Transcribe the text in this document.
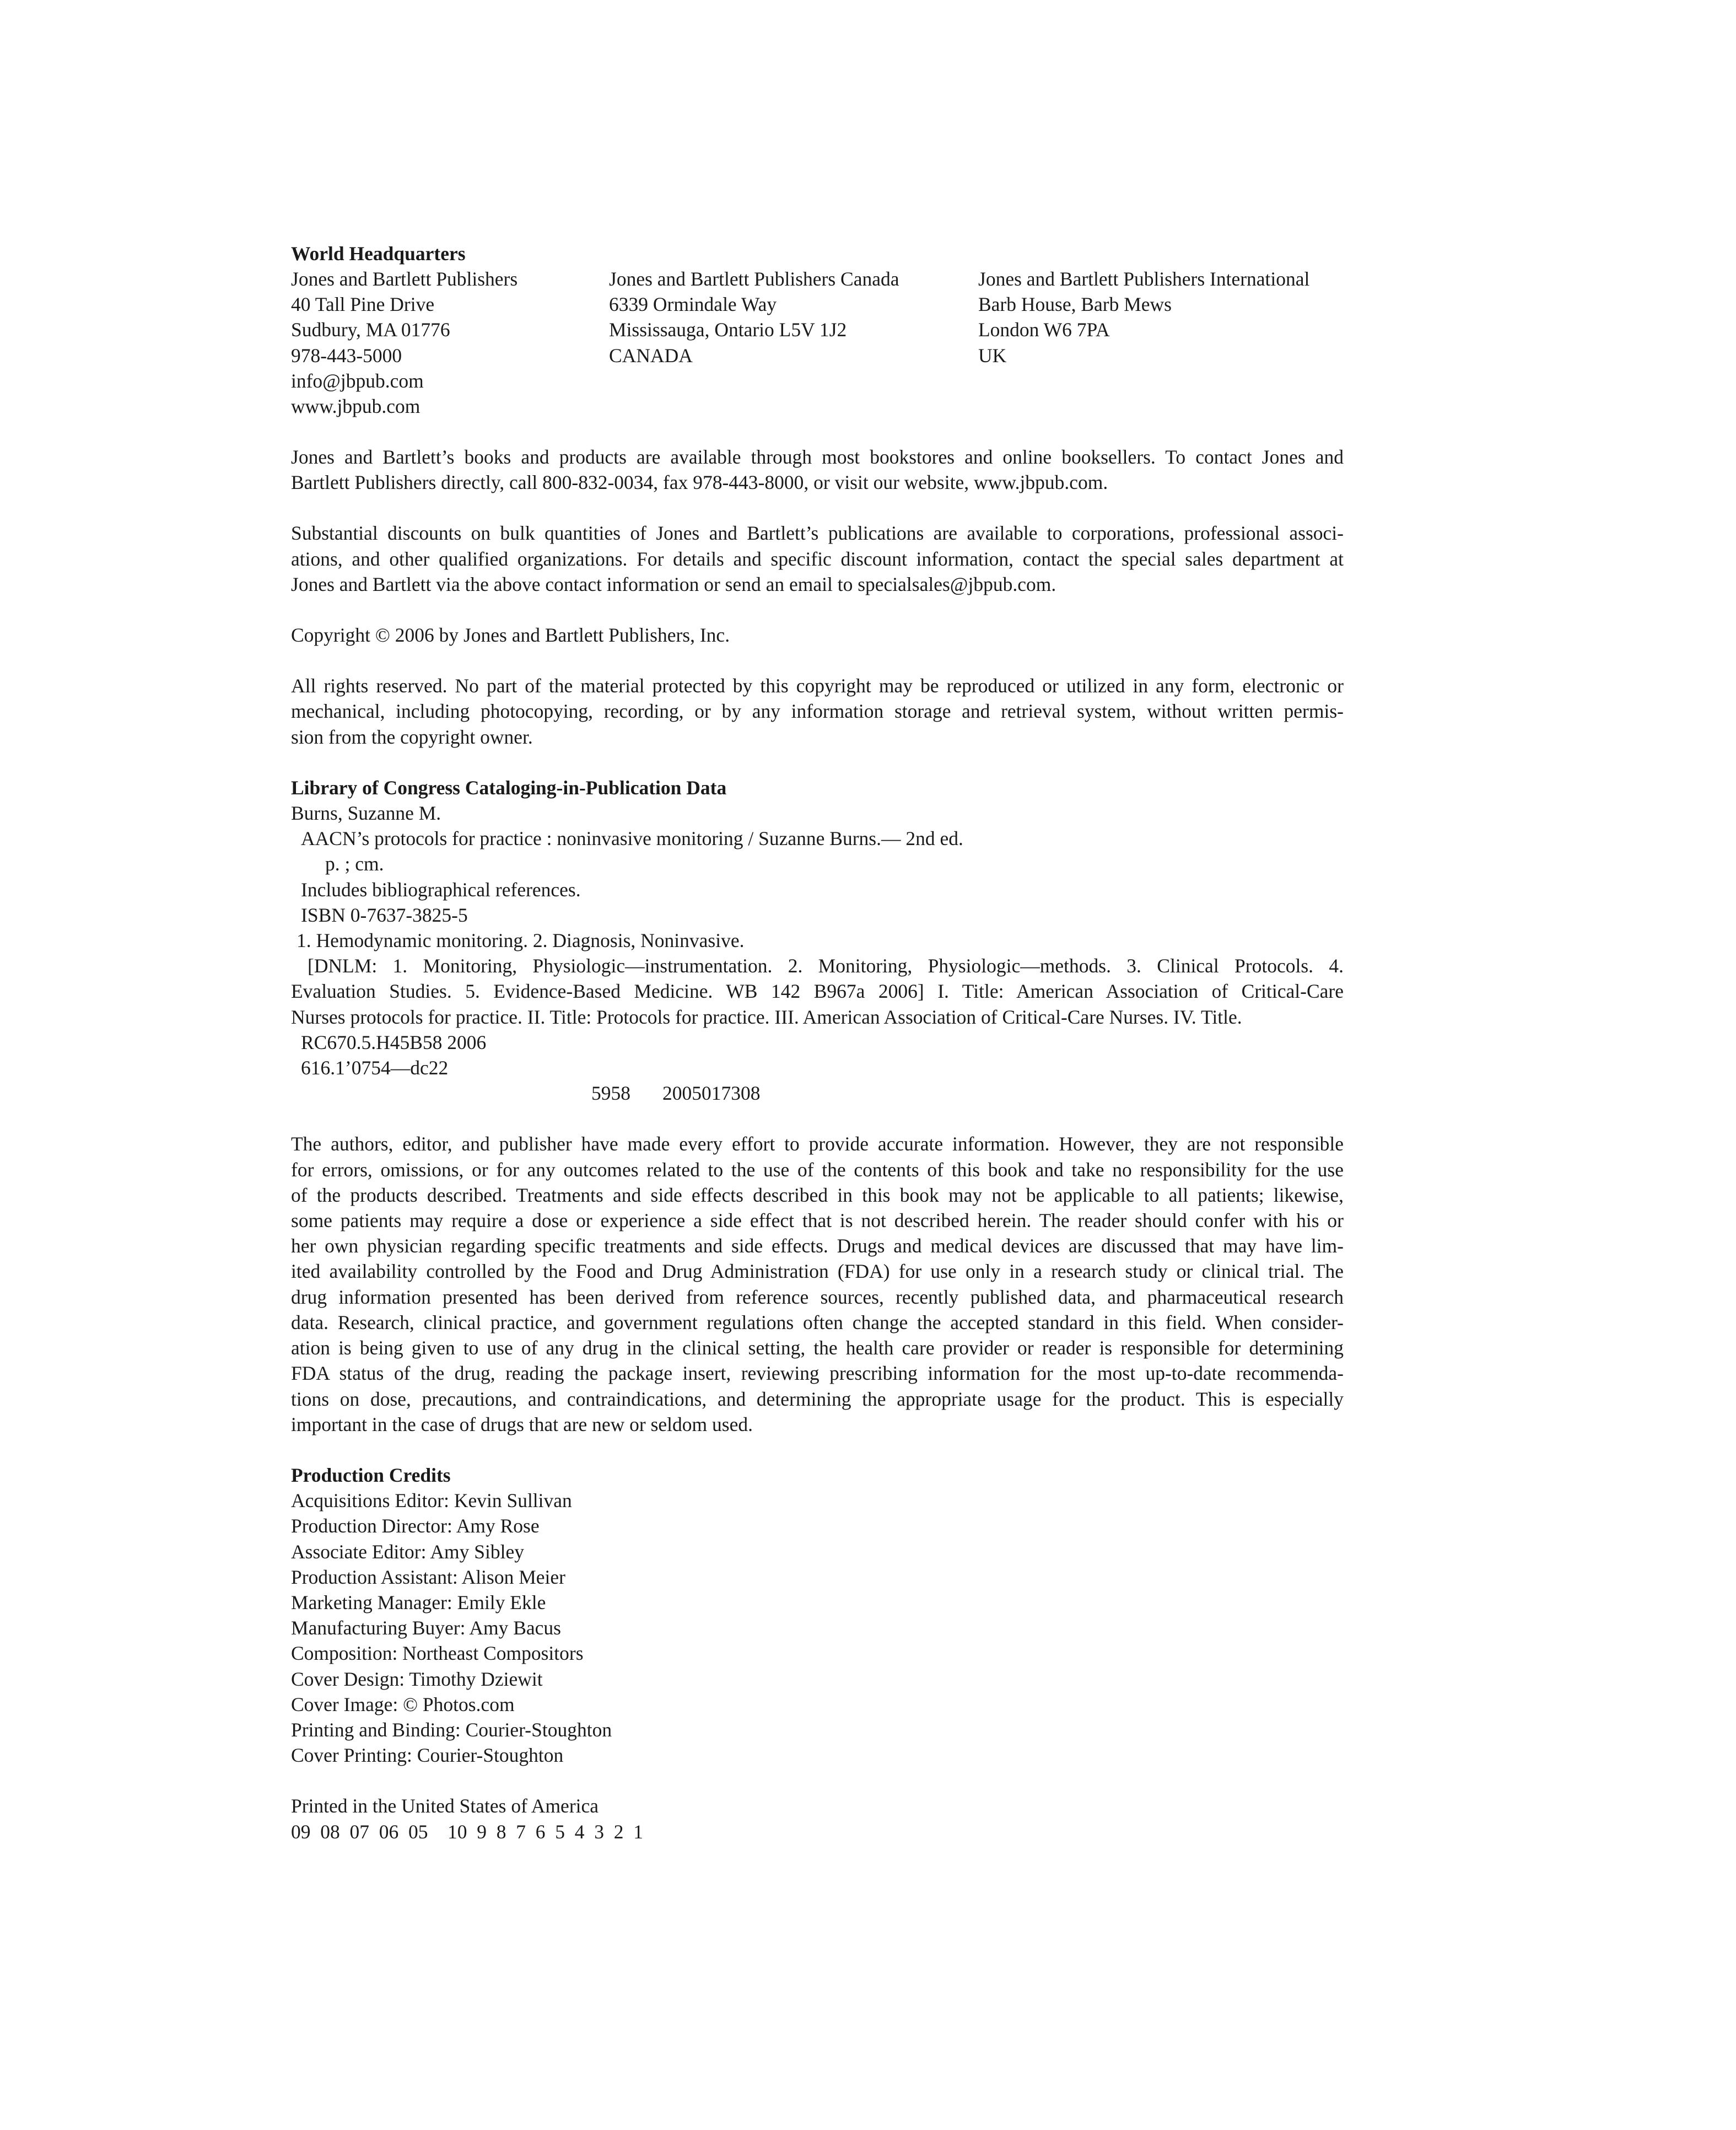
World Headquarters
Jones and Bartlett Publishers
40 Tall Pine Drive
Sudbury, MA 01776
978-443-5000
info@jbpub.com
www.jbpub.com
Jones and Bartlett Publishers Canada
6339 Ormindale Way
Mississauga, Ontario L5V 1J2
CANADA
Jones and Bartlett Publishers International
Barb House, Barb Mews
London W6 7PA
UK
Jones and Bartlett’s books and products are available through most bookstores and online booksellers. To contact Jones and
Bartlett Publishers directly, call 800-832-0034, fax 978-443-8000, or visit our website, www.jbpub.com.
Substantial discounts on bulk quantities of Jones and Bartlett’s publications are available to corporations, professional associ-
ations, and other qualified organizations. For details and specific discount information, contact the special sales department at
Jones and Bartlett via the above contact information or send an email to specialsales@jbpub.com.
Copyright © 2006 by Jones and Bartlett Publishers, Inc.
All rights reserved. No part of the material protected by this copyright may be reproduced or utilized in any form, electronic or
mechanical, including photocopying, recording, or by any information storage and retrieval system, without written permis-
sion from the copyright owner.
Library of Congress Cataloging-in-Publication Data
Burns, Suzanne M.
AACN’s protocols for practice : noninvasive monitoring / Suzanne Burns.— 2nd ed.
p. ; cm.
Includes bibliographical references.
ISBN 0-7637-3825-5
1. Hemodynamic monitoring. 2. Diagnosis, Noninvasive.
[DNLM: 1. Monitoring, Physiologic—instrumentation. 2. Monitoring, Physiologic—methods. 3. Clinical Protocols. 4.
Evaluation Studies. 5. Evidence-Based Medicine. WB 142 B967a 2006] I. Title: American Association of Critical-Care
Nurses protocols for practice. II. Title: Protocols for practice. III. American Association of Critical-Care Nurses. IV. Title.
RC670.5.H45B58 2006
616.1’0754—dc22
5958 2005017308
The authors, editor, and publisher have made every effort to provide accurate information. However, they are not responsible
for errors, omissions, or for any outcomes related to the use of the contents of this book and take no responsibility for the use
of the products described. Treatments and side effects described in this book may not be applicable to all patients; likewise,
some patients may require a dose or experience a side effect that is not described herein. The reader should confer with his or
her own physician regarding specific treatments and side effects. Drugs and medical devices are discussed that may have lim-
ited availability controlled by the Food and Drug Administration (FDA) for use only in a research study or clinical trial. The
drug information presented has been derived from reference sources, recently published data, and pharmaceutical research
data. Research, clinical practice, and government regulations often change the accepted standard in this field. When consider-
ation is being given to use of any drug in the clinical setting, the health care provider or reader is responsible for determining
FDA status of the drug, reading the package insert, reviewing prescribing information for the most up-to-date recommenda-
tions on dose, precautions, and contraindications, and determining the appropriate usage for the product. This is especially
important in the case of drugs that are new or seldom used.
Production Credits
Acquisitions Editor: Kevin Sullivan
Production Director: Amy Rose
Associate Editor: Amy Sibley
Production Assistant: Alison Meier
Marketing Manager: Emily Ekle
Manufacturing Buyer: Amy Bacus
Composition: Northeast Compositors
Cover Design: Timothy Dziewit
Cover Image: © Photos.com
Printing and Binding: Courier-Stoughton
Cover Printing: Courier-Stoughton
Printed in the United States of America
09  08  07  06  05    10  9  8  7  6  5  4  3  2  1
